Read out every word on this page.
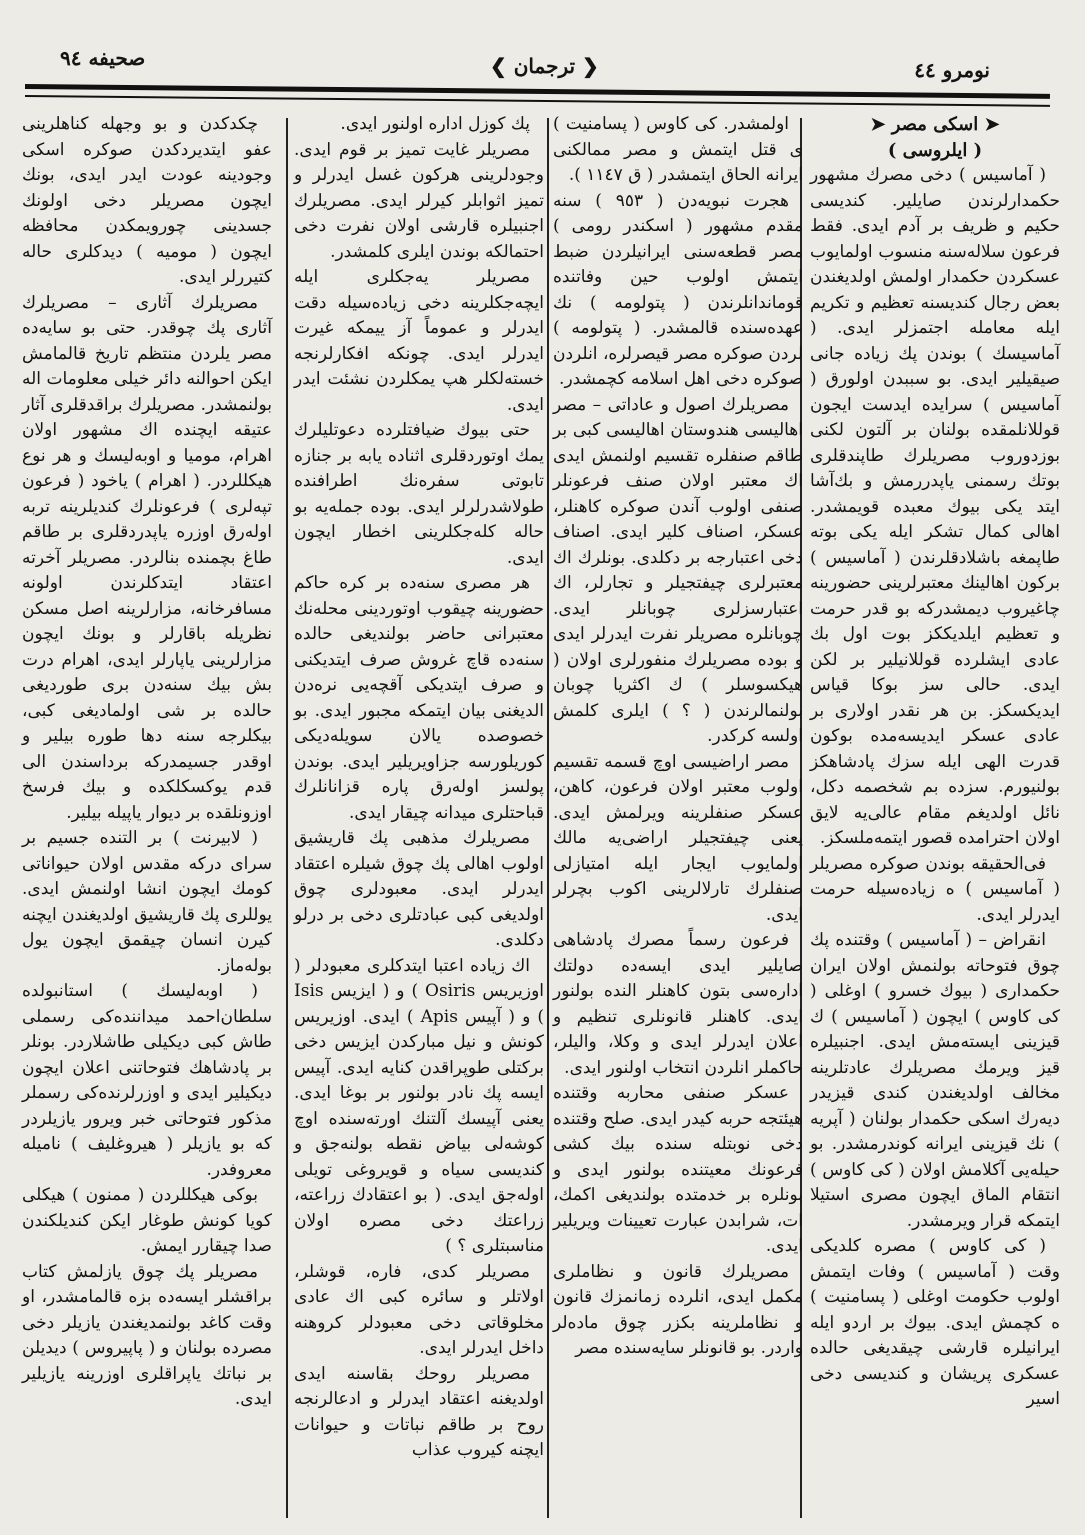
صحيفه ٩٤	❮ ترجمان ❯	نومرو ٤٤

➤ اسكى مصر ➤

( ايلروسى )

( آماسيس ) دخى مصرك مشهور حكمدارلرندن صايلير. كنديسى حكيم و ظريف بر آدم ايدى. فقط فرعون سلالەسنه منسوب اولمايوب عسكردن حكمدار اولمش اولديغندن بعض رجال كنديسنه تعظيم و تكريم ايله معامله اجتمزلر ايدى. ( آماسيسك ) بوندن پك زياده جانى صيقيلير ايدى. بو سببدن اولورق ( آماسيس ) سرايده ايدست ايجون قوللانلمقده بولنان بر آلتون لكنى بوزدوروب مصريلرك طاپندقلرى بوتك رسمنى ياپدررمش و بك‌آشا ايتد يكى بيوك معبده قويمشدر. اهالى كمال تشكر ايله يكى بوته طاپمغه باشلادقلرندن ( آماسيس ) بركون اهالينك معتبرلرينى حضورينه چاغيروب ديمشدركه بو قدر حرمت و تعظيم ايلديككز بوت اول بك عادى ايشلرده قوللانيلير بر لكن ايدى. حالى سز بوكا قياس ايديكسكز. بن هر نقدر اولارى بر عادى عسكر ايديسه‌مده بوكون قدرت الهى ايله سزك پادشاهكز بولنيورم. سزده بم شخصمه دكل، نائل اولديغم مقام عالى‌يه لايق اولان احترامده قصور ايتمەملسكز.

فى‌الحقيقه بوندن صوكره مصريلر ( آماسيس ) ه زياده‌سيله حرمت ايدرلر ايدى.

انقراض – ( آماسيس ) وقتنده پك چوق فتوحاته بولنمش اولان ايران حكمدارى ( بيوك خسرو ) اوغلى ( كى كاوس ) ايچون ( آماسيس ) ك قيزينى ايسته‌مش ايدى. اجنبيلره قيز ويرمك مصريلرك عادتلرينه مخالف اولديغندن كندى قيزيدر ديه‌رك اسكى حكمدار بولنان ( آپريه ) نك قيزينى ايرانه كوندرمشدر. بو حيله‌يى آكلامش اولان ( كى كاوس ) انتقام الماق ايچون مصرى استيلا ايتمكه قرار ويرمشدر.

( كى كاوس ) مصره كلديكى وقت ( آماسيس ) وفات ايتمش اولوب حكومت اوغلى ( پسامنيت ) ه كچمش ايدى. بيوك بر اردو ايله ايرانيلره قارشى چيقديغى حالده عسكرى پريشان و كنديسى دخى اسير

اولمشدر. كى كاوس ( پسامنيت ) ى قتل ايتمش و مصر ممالكنى ايرانه الحاق ايتمشدر ( ق ١١٤٧ ).

هجرت نبويەدن ( ٩٥٣ ) سنه مقدم مشهور ( اسكندر رومى ) مصر قطعه‌سنى ايرانيلردن ضبط ايتمش اولوب حين وفاتنده قوماندانلرندن ( پتولومه ) نك عهده‌سنده قالمشدر. ( پتولومه ) لردن صوكره مصر قيصرلره، انلردن صوكره دخى اهل اسلامه كچمشدر.

مصريلرك اصول و عاداتى – مصر اهاليسى هندوستان اهاليسى كبى بر طاقم صنفلره تقسيم اولنمش ايدى اك معتبر اولان صنف فرعونلر صنفى اولوب آندن صوكره كاهنلر، عسكر، اصناف كلير ايدى. اصناف دخى اعتبارجه بر دكلدى. بونلرك اك معتبرلرى چيفتجيلر و تجارلر، اك اعتبارسزلرى چوبانلر ايدى. چوبانلره مصريلر نفرت ايدرلر ايدى و بوده مصريلرك منفورلرى اولان ( هيكسوسلر ) ك اكثريا چوبان بولنمالرندن ( ؟ ) ايلرى كلمش اولسه كركدر.

مصر اراضيسى اوچ قسمه تقسيم اولوب معتبر اولان فرعون، كاهن، عسكر صنفلرينه ويرلمش ايدى. يعنى چيفتجيلر اراضى‌يه مالك اولمايوب ايجار ايله امتيازلى صنفلرك تارلالرينى اكوب بچرلر ايدى.

فرعون رسماً مصرك پادشاهى صايلير ايدى ايسه‌ده دولتك اداره‌سى بتون كاهنلر الندە بولنور ايدى. كاهنلر قانونلرى تنظيم و اعلان ايدرلر ايدى و وكلا، واليلر، حاكملر انلردن انتخاب اولنور ايدى.

عسكر صنفى محاربه وقتنده هيئتجه حربه كيدر ايدى. صلح وقتنده دخى نوبتله سنده بيك كشى فرعونك معيتنده بولنور ايدى و بونلره بر خدمتده بولنديغى اكمك، ات، شرابدن عبارت تعيينات ويريلير ايدى.

مصريلرك قانون و نظاملرى مكمل ايدى، انلرده زمانمزك قانون و نظاملرينه بكزر چوق ماده‌لر واردر. بو قانونلر سايه‌سنده مصر

پك كوزل اداره اولنور ايدى.

مصريلر غايت تميز بر قوم ايدى. وجودلرينى هركون غسل ايدرلر و تميز اثوابلر كيرلر ايدى. مصريلرك اجنبيلره قارشى اولان نفرت دخى احتمالكه بوندن ايلرى كلمشدر.

مصريلر يه‌جكلرى ايله ايچه‌جكلرينه دخى زياده‌سيله دقت ايدرلر و عموماً آز ييمكه غيرت ايدرلر ايدى. چونكه افكارلرنجه خسته‌لكلر هپ يمكلردن نشئت ايدر ايدى.

حتى بيوك ضيافتلرده دعوتليلرك يمك اوتوردقلرى اثناده يابه بر جنازه تابوتى سفره‌نك اطرافنده طولاشدرلرلر ايدى. بوده جمله‌يه بو حاله كله‌جكلرينى اخطار ايچون ايدى.

هر مصرى سنه‌ده بر كره حاكم حضورينه چيقوب اوتوردينى محله‌نك معتبرانى حاضر بولنديغى حالده سنه‌ده قاچ غروش صرف ايتديكنى و صرف ايتديكى آقچه‌يى نره‌دن الديغنى بيان ايتمكه مجبور ايدى. بو خصوصده يالان سويله‌ديكى كوريلورسه جزاويريلير ايدى. بوندن پولسز اولەرق پاره قزانانلرك قباحتلرى ميدانه چيقار ايدى.

مصريلرك مذهبى پك قاريشيق اولوب اهالى پك چوق شيلره اعتقاد ايدرلر ايدى. معبودلرى چوق اولديغى كبى عبادتلرى دخى بر درلو دكلدى.

اك زياده اعتبا ايتدكلرى معبودلر ( اوزيريس Osiris ) و ( ايزيس Isis ) و ( آپيس Apis ) ايدى. اوزيريس كونش و نيل مباركدن ايزيس دخى بركتلى طوپراقدن كنايه ايدى. آپيس ايسه پك نادر بولنور بر بوغا ايدى. يعنى آپيسك آلتنك اورته‌سنده اوچ كوشەلى بياض نقطه بولنه‌جق و كنديسى سياه و قويروغى تويلى اوله‌جق ايدى. ( بو اعتقادك زراعته، زراعتك دخى مصره اولان مناسبتلرى ؟ )

مصريلر كدى، فاره، قوشلر، اولاتلر و سائره كبى اك عادى مخلوقاتى دخى معبودلر كروهنه داخل ايدرلر ايدى.

مصريلر روحك بقاسنه ايدى اولديغنه اعتقاد ايدرلر و ادعالرنجه روح بر طاقم نباتات و حيوانات ايچنه كيروب عذاب

چكدكدن و بو وجهله كناهلرينى عفو ايتديردكدن صوكره اسكى وجودينه عودت ايدر ايدى، بونك ايچون مصريلر دخى اولونك جسدينى چورويمكدن محافظه ايچون ( موميه ) ديدكلرى حاله كتيررلر ايدى.

مصريلرك آثارى – مصريلرك آثارى پك چوقدر. حتى بو سايه‌ده مصر يلردن منتظم تاريخ قالمامش ايكن احوالنه دائر خيلى معلومات اله بولنمشدر. مصريلرك براقدقلرى آثار عتيقه ايچنده اك مشهور اولان اهرام، موميا و اوبەليسك و هر نوع هيكللردر. ( اهرام ) ياخود ( فرعون تپه‌لرى ) فرعونلرك كنديلرينه تربه اوله‌رق اوزره ياپدردقلرى بر طاقم طاغ بچمنده بنالردر. مصريلر آخرته اعتقاد ايتدكلرندن اولونه مسافرخانه، مزارلرينه اصل مسكن نظريله باقارلر و بونك ايچون مزارلرينى ياپارلر ايدى، اهرام درت بش بيك سنه‌دن برى طورديغى حالده بر شى اولماديغى كبى، بيكلرجه سنه دها طوره بيلير و اوقدر جسيمدركه برداسندن الى قدم يوكسكلكده و بيك فرسخ اوزونلقده بر ديوار ياپيله بيلير.

( لابيرنت ) بر التنده جسيم بر سراى دركه مقدس اولان حيواناتى كومك ايچون انشا اولنمش ايدى. يوللرى پك قاريشيق اولديغندن ايچنه كيرن انسان چيقمق ايچون يول بوله‌ماز.

( اوبەليسك ) استانبولده سلطان‌احمد ميدانندەكى رسملى طاش كبى ديكيلى طاشلاردر. بونلر بر پادشاهك فتوحاتنى اعلان ايچون ديكيلير ايدى و اوزرلرنده‌كى رسملر مذكور فتوحاتى خبر ويرور يازيلردر كه بو يازيلر ( هيروغليف ) نامیله معروفدر.

بوكى هيكللردن ( ممنون ) هيكلى كويا كونش طوغار ايكن كنديلكندن صدا چيقارر ايمش.

مصريلر پك چوق يازلمش كتاب براقشلر ايسه‌ده بزه قالمامشدر، او وقت كاغد بولنمديغندن يازيلر دخى مصرده بولنان و ( پاپيروس ) ديديلن بر نباتك ياپراقلرى اوزرينه يازيلير ايدى.
